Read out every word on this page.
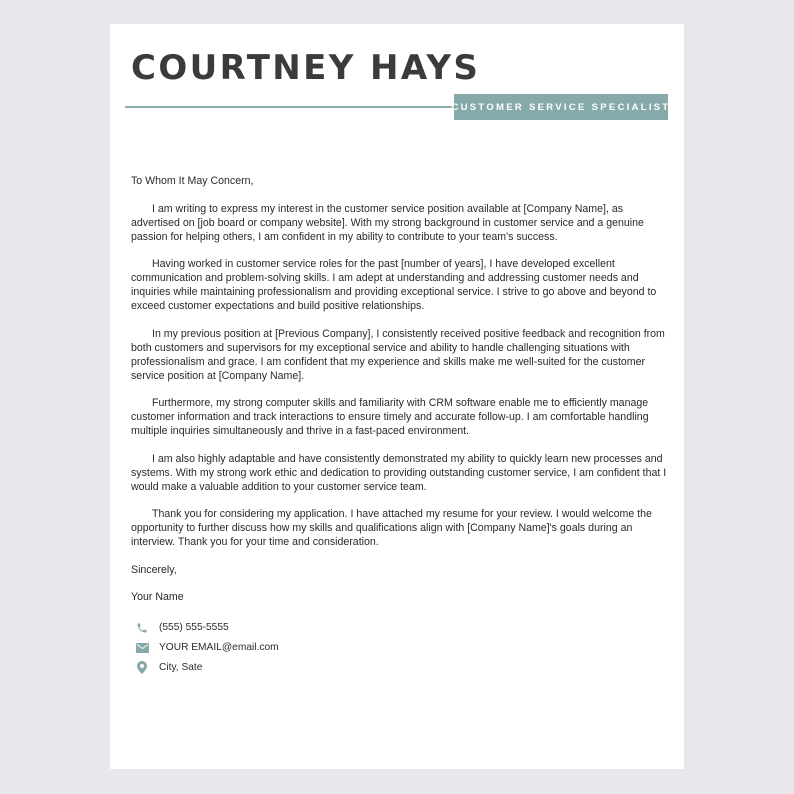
COURTNEY HAYS
CUSTOMER SERVICE SPECIALIST

To Whom It May Concern,

I am writing to express my interest in the customer service position available at [Company Name], as advertised on [job board or company website]. With my strong background in customer service and a genuine passion for helping others, I am confident in my ability to contribute to your team's success.

Having worked in customer service roles for the past [number of years], I have developed excellent communication and problem-solving skills. I am adept at understanding and addressing customer needs and inquiries while maintaining professionalism and providing exceptional service. I strive to go above and beyond to exceed customer expectations and build positive relationships.

In my previous position at [Previous Company], I consistently received positive feedback and recognition from both customers and supervisors for my exceptional service and ability to handle challenging situations with professionalism and grace. I am confident that my experience and skills make me well-suited for the customer service position at [Company Name].

Furthermore, my strong computer skills and familiarity with CRM software enable me to efficiently manage customer information and track interactions to ensure timely and accurate follow-up. I am comfortable handling multiple inquiries simultaneously and thrive in a fast-paced environment.

I am also highly adaptable and have consistently demonstrated my ability to quickly learn new processes and systems. With my strong work ethic and dedication to providing outstanding customer service, I am confident that I would make a valuable addition to your customer service team.

Thank you for considering my application. I have attached my resume for your review. I would welcome the opportunity to further discuss how my skills and qualifications align with [Company Name]'s goals during an interview. Thank you for your time and consideration.

Sincerely,

Your Name

(555) 555-5555
YOUR EMAIL@email.com
City, Sate
